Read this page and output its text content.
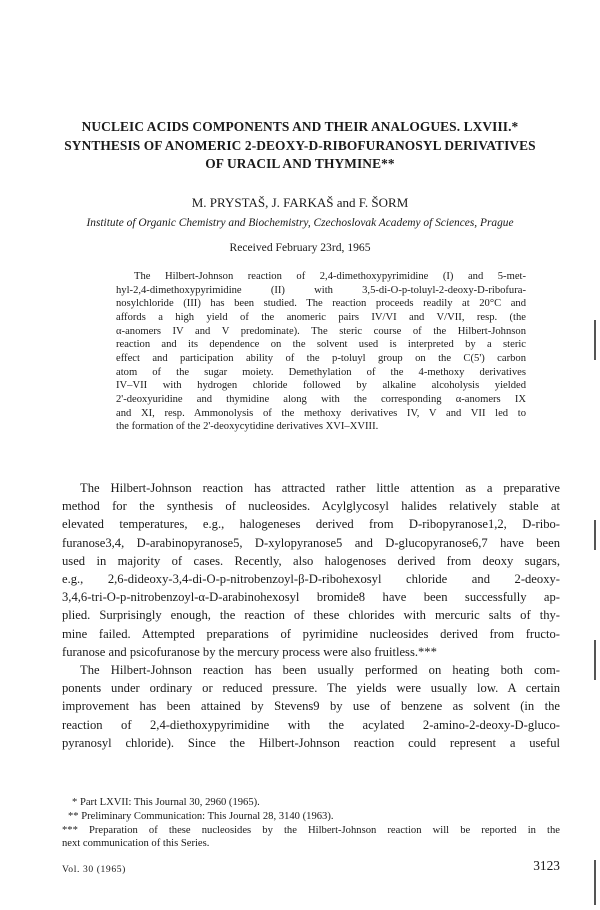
NUCLEIC ACIDS COMPONENTS AND THEIR ANALOGUES. LXVIII.*
SYNTHESIS OF ANOMERIC 2-DEOXY-D-RIBOFURANOSYL DERIVATIVES
OF URACIL AND THYMINE**
M. PRYSTAŠ, J. FARKAŠ and F. ŠORM
Institute of Organic Chemistry and Biochemistry, Czechoslovak Academy of Sciences, Prague
Received February 23rd, 1965
The Hilbert-Johnson reaction of 2,4-dimethoxypyrimidine (I) and 5-met-
hyl-2,4-dimethoxypyrimidine (II) with 3,5-di-O-p-toluyl-2-deoxy-D-ribofura-
nosylchloride (III) has been studied. The reaction proceeds readily at 20°C and
affords a high yield of the anomeric pairs IV/VI and V/VII, resp. (the
α-anomers IV and V predominate). The steric course of the Hilbert-Johnson
reaction and its dependence on the solvent used is interpreted by a steric
effect and participation ability of the p-toluyl group on the C(5') carbon
atom of the sugar moiety. Demethylation of the 4-methoxy derivatives
IV–VII with hydrogen chloride followed by alkaline alcoholysis yielded
2'-deoxyuridine and thymidine along with the corresponding α-anomers IX
and XI, resp. Ammonolysis of the methoxy derivatives IV, V and VII led to
the formation of the 2'-deoxycytidine derivatives XVI–XVIII.
The Hilbert-Johnson reaction has attracted rather little attention as a preparative
method for the synthesis of nucleosides. Acylglycosyl halides relatively stable at
elevated temperatures, e.g., halogeneses derived from D-ribopyranose1,2, D-ribo-
furanose3,4, D-arabinopyranose5, D-xylopyranose5 and D-glucopyranose6,7 have been
used in majority of cases. Recently, also halogenoses derived from deoxy sugars,
e.g., 2,6-dideoxy-3,4-di-O-p-nitrobenzoyl-β-D-ribohexosyl chloride and 2-deoxy-
3,4,6-tri-O-p-nitrobenzoyl-α-D-arabinohexosyl bromide8 have been successfully ap-
plied. Surprisingly enough, the reaction of these chlorides with mercuric salts of thy-
mine failed. Attempted preparations of pyrimidine nucleosides derived from fructo-
furanose and psicofuranose by the mercury process were also fruitless.***
The Hilbert-Johnson reaction has been usually performed on heating both com-
ponents under ordinary or reduced pressure. The yields were usually low. A certain
improvement has been attained by Stevens9 by use of benzene as solvent (in the
reaction of 2,4-diethoxypyrimidine with the acylated 2-amino-2-deoxy-D-gluco-
pyranosyl chloride). Since the Hilbert-Johnson reaction could represent a useful
* Part LXVII: This Journal 30, 2960 (1965).
** Preliminary Communication: This Journal 28, 3140 (1963).
*** Preparation of these nucleosides by the Hilbert-Johnson reaction will be reported in the
next communication of this Series.
Vol. 30 (1965)	3123
